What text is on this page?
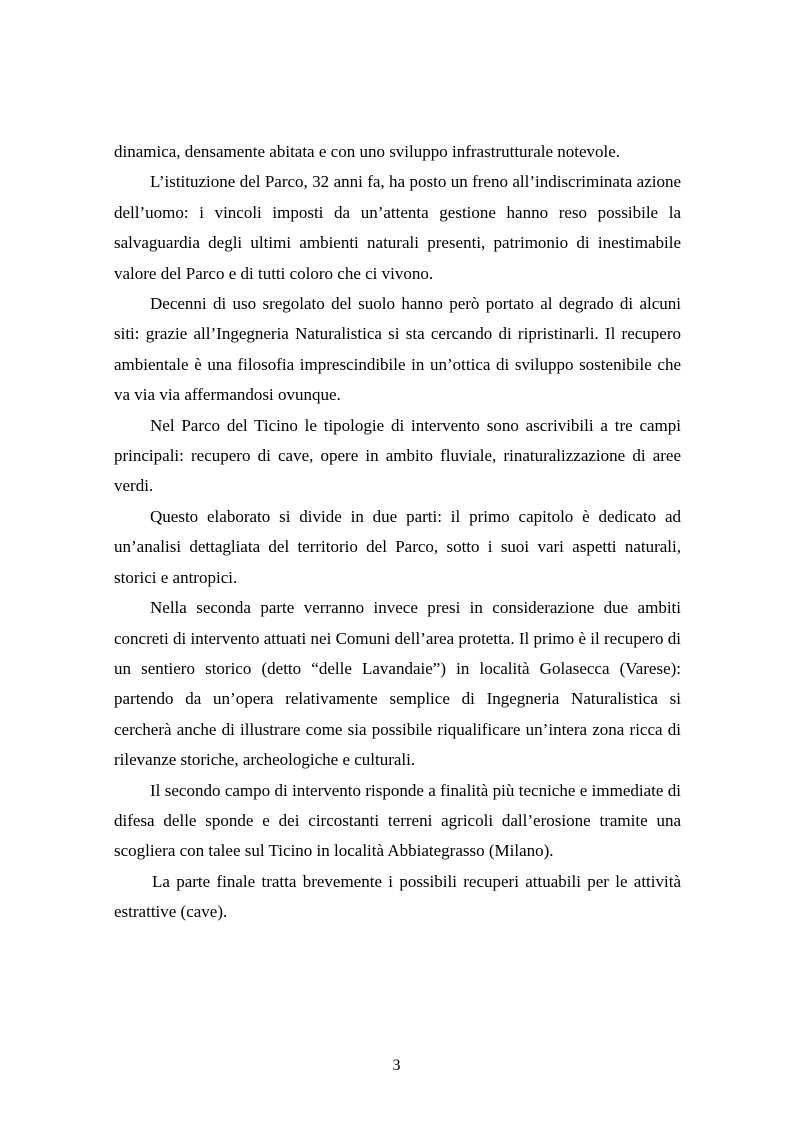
dinamica, densamente abitata e con uno sviluppo infrastrutturale notevole.

L’istituzione del Parco, 32 anni fa, ha posto un freno all’indiscriminata azione dell’uomo: i vincoli imposti da un’attenta gestione hanno reso possibile la salvaguardia degli ultimi ambienti naturali presenti, patrimonio di inestimabile valore del Parco e di tutti coloro che ci vivono.

Decenni di uso sregolato del suolo hanno però portato al degrado di alcuni siti: grazie all’Ingegneria Naturalistica si sta cercando di ripristinarli. Il recupero ambientale è una filosofia imprescindibile in un’ottica di sviluppo sostenibile che va via via affermandosi ovunque.

Nel Parco del Ticino le tipologie di intervento sono ascrivibili a tre campi principali: recupero di cave, opere in ambito fluviale, rinaturalizzazione di aree verdi.

Questo elaborato si divide in due parti: il primo capitolo è dedicato ad un’analisi dettagliata del territorio del Parco, sotto i suoi vari aspetti naturali, storici e antropici.

Nella seconda parte verranno invece presi in considerazione due ambiti concreti di intervento attuati nei Comuni dell’area protetta. Il primo è il recupero di un sentiero storico (detto “delle Lavandaie”) in località Golasecca (Varese): partendo da un’opera relativamente semplice di Ingegneria Naturalistica si cercherà anche di illustrare come sia possibile riqualificare un’intera zona ricca di rilevanze storiche, archeologiche e culturali.

Il secondo campo di intervento risponde a finalità più tecniche e immediate di difesa delle sponde e dei circostanti terreni agricoli dall’erosione tramite una scogliera con talee sul Ticino in località Abbiategrasso (Milano).

La parte finale tratta brevemente i possibili recuperi attuabili per le attività estrattive (cave).

3
